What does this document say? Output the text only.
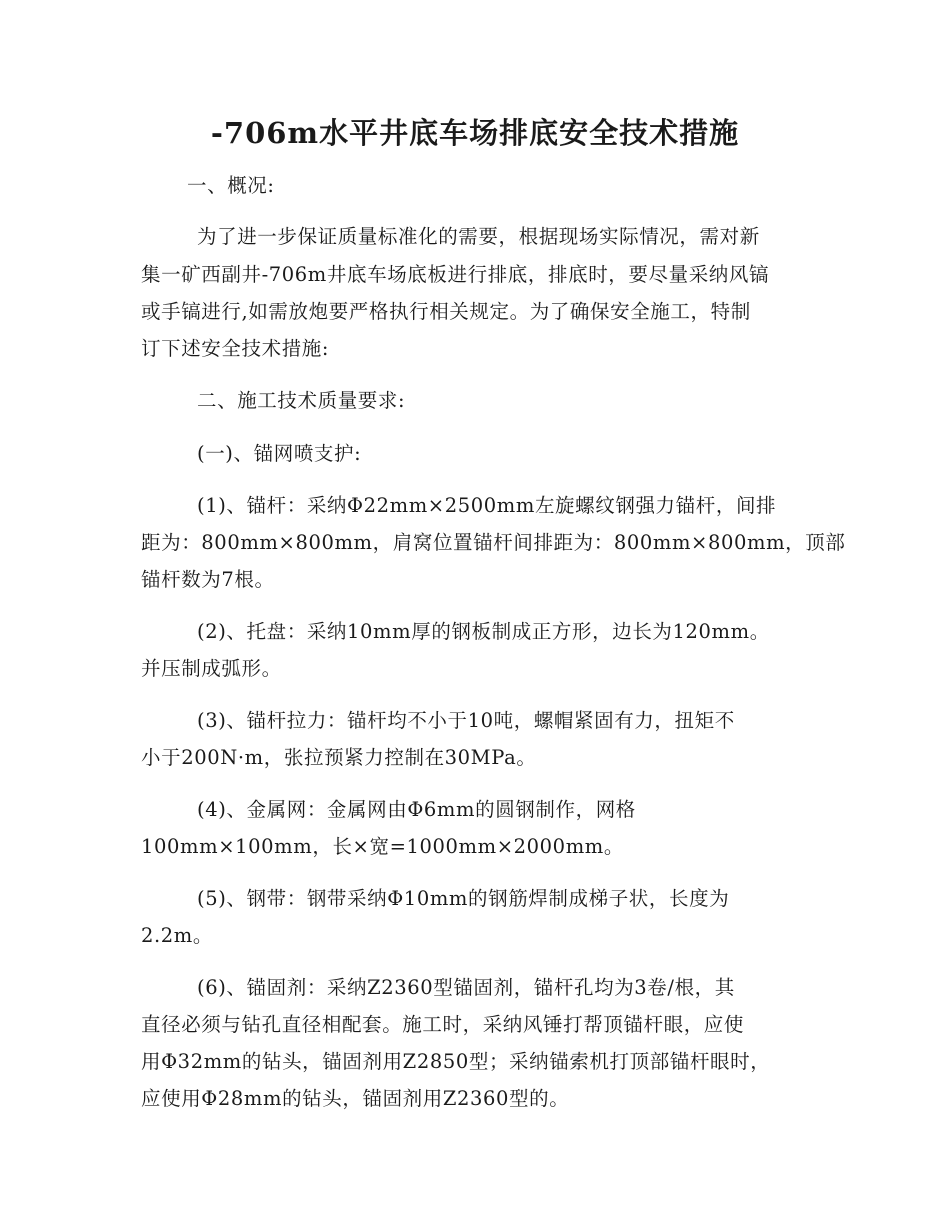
-706m水平井底车场排底安全技术措施
一、概况:
为了进一步保证质量标准化的需要，根据现场实际情况，需对新
集一矿西副井-706m井底车场底板进行排底，排底时，要尽量采纳风镐
或手镐进行,如需放炮要严格执行相关规定。为了确保安全施工，特制
订下述安全技术措施:
二、施工技术质量要求:
(一)、锚网喷支护:
(1)、锚杆：采纳Φ22mm×2500mm左旋螺纹钢强力锚杆，间排
距为：800mm×800mm，肩窝位置锚杆间排距为：800mm×800mm，顶部
锚杆数为7根。
(2)、托盘：采纳10mm厚的钢板制成正方形，边长为120mm。
并压制成弧形。
(3)、锚杆拉力：锚杆均不小于10吨，螺帽紧固有力，扭矩不
小于200N·m，张拉预紧力控制在30MPa。
(4)、金属网：金属网由Φ6mm的圆钢制作，网格
100mm×100mm，长×宽=1000mm×2000mm。
(5)、钢带：钢带采纳Φ10mm的钢筋焊制成梯子状，长度为
2.2m。
(6)、锚固剂：采纳Z2360型锚固剂，锚杆孔均为3卷/根，其
直径必须与钻孔直径相配套。施工时，采纳风锤打帮顶锚杆眼，应使
用Φ32mm的钻头，锚固剂用Z2850型；采纳锚索机打顶部锚杆眼时，
应使用Φ28mm的钻头，锚固剂用Z2360型的。
